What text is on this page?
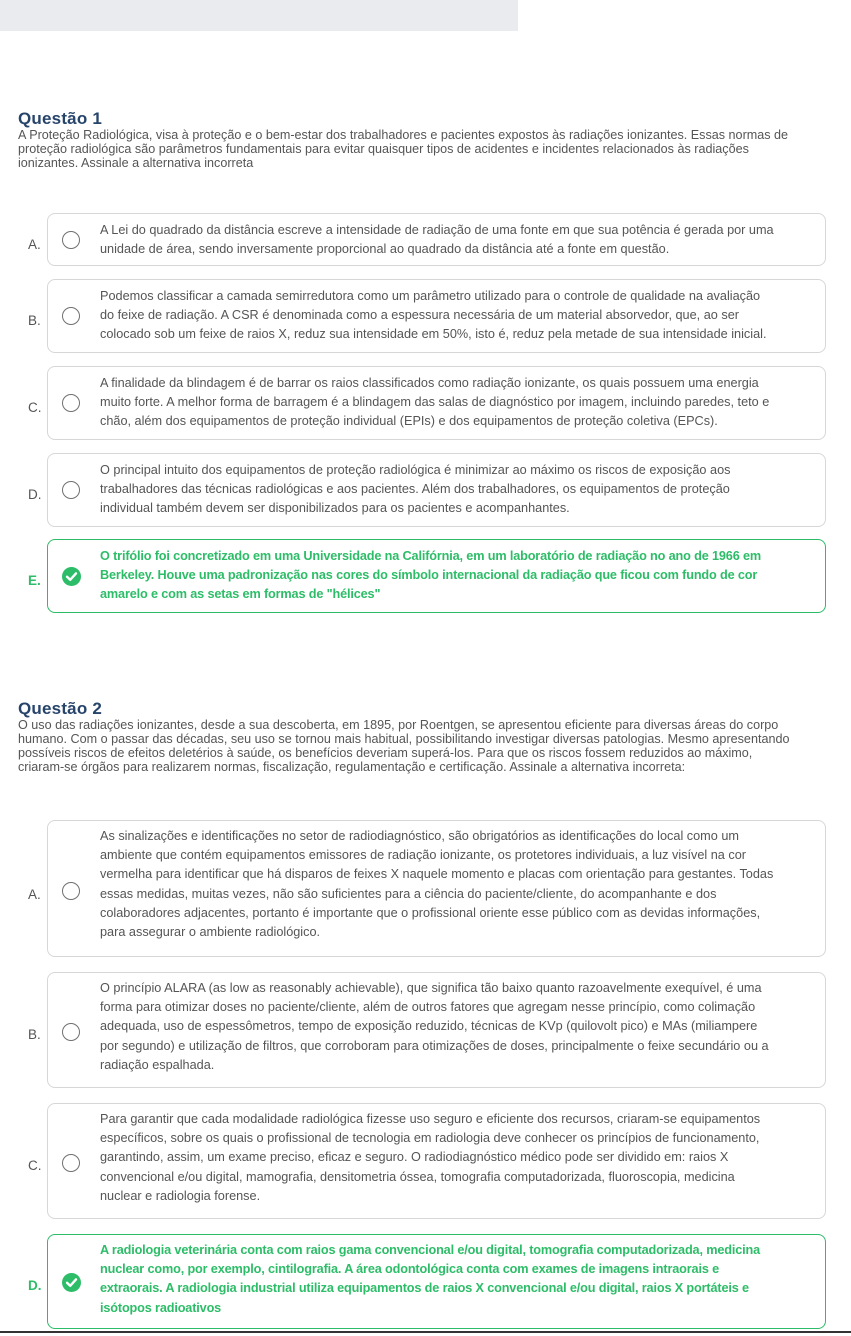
Questão 1
A Proteção Radiológica, visa à proteção e o bem-estar dos trabalhadores e pacientes expostos às radiações ionizantes. Essas normas de
proteção radiológica são parâmetros fundamentais para evitar quaisquer tipos de acidentes e incidentes relacionados às radiações
ionizantes. Assinale a alternativa incorreta
A.
A Lei do quadrado da distância escreve a intensidade de radiação de uma fonte em que sua potência é gerada por uma
unidade de área, sendo inversamente proporcional ao quadrado da distância até a fonte em questão.
B.
Podemos classificar a camada semirredutora como um parâmetro utilizado para o controle de qualidade na avaliação
do feixe de radiação. A CSR é denominada como a espessura necessária de um material absorvedor, que, ao ser
colocado sob um feixe de raios X, reduz sua intensidade em 50%, isto é, reduz pela metade de sua intensidade inicial.
C.
A finalidade da blindagem é de barrar os raios classificados como radiação ionizante, os quais possuem uma energia
muito forte. A melhor forma de barragem é a blindagem das salas de diagnóstico por imagem, incluindo paredes, teto e
chão, além dos equipamentos de proteção individual (EPIs) e dos equipamentos de proteção coletiva (EPCs).
D.
O principal intuito dos equipamentos de proteção radiológica é minimizar ao máximo os riscos de exposição aos
trabalhadores das técnicas radiológicas e aos pacientes. Além dos trabalhadores, os equipamentos de proteção
individual também devem ser disponibilizados para os pacientes e acompanhantes.
E.
O trifólio foi concretizado em uma Universidade na Califórnia, em um laboratório de radiação no ano de 1966 em
Berkeley. Houve uma padronização nas cores do símbolo internacional da radiação que ficou com fundo de cor
amarelo e com as setas em formas de "hélices"
Questão 2
O uso das radiações ionizantes, desde a sua descoberta, em 1895, por Roentgen, se apresentou eficiente para diversas áreas do corpo
humano. Com o passar das décadas, seu uso se tornou mais habitual, possibilitando investigar diversas patologias. Mesmo apresentando
possíveis riscos de efeitos deletérios à saúde, os benefícios deveriam superá-los. Para que os riscos fossem reduzidos ao máximo,
criaram-se órgãos para realizarem normas, fiscalização, regulamentação e certificação. Assinale a alternativa incorreta:
A.
As sinalizações e identificações no setor de radiodiagnóstico, são obrigatórios as identificações do local como um
ambiente que contém equipamentos emissores de radiação ionizante, os protetores individuais, a luz visível na cor
vermelha para identificar que há disparos de feixes X naquele momento e placas com orientação para gestantes. Todas
essas medidas, muitas vezes, não são suficientes para a ciência do paciente/cliente, do acompanhante e dos
colaboradores adjacentes, portanto é importante que o profissional oriente esse público com as devidas informações,
para assegurar o ambiente radiológico.
B.
O princípio ALARA (as low as reasonably achievable), que significa tão baixo quanto razoavelmente exequível, é uma
forma para otimizar doses no paciente/cliente, além de outros fatores que agregam nesse princípio, como colimação
adequada, uso de espessômetros, tempo de exposição reduzido, técnicas de KVp (quilovolt pico) e MAs (miliampere
por segundo) e utilização de filtros, que corroboram para otimizações de doses, principalmente o feixe secundário ou a
radiação espalhada.
C.
Para garantir que cada modalidade radiológica fizesse uso seguro e eficiente dos recursos, criaram-se equipamentos
específicos, sobre os quais o profissional de tecnologia em radiologia deve conhecer os princípios de funcionamento,
garantindo, assim, um exame preciso, eficaz e seguro. O radiodiagnóstico médico pode ser dividido em: raios X
convencional e/ou digital, mamografia, densitometria óssea, tomografia computadorizada, fluoroscopia, medicina
nuclear e radiologia forense.
D.
A radiologia veterinária conta com raios gama convencional e/ou digital, tomografia computadorizada, medicina
nuclear como, por exemplo, cintilografia. A área odontológica conta com exames de imagens intraorais e
extraorais. A radiologia industrial utiliza equipamentos de raios X convencional e/ou digital, raios X portáteis e
isótopos radioativos
